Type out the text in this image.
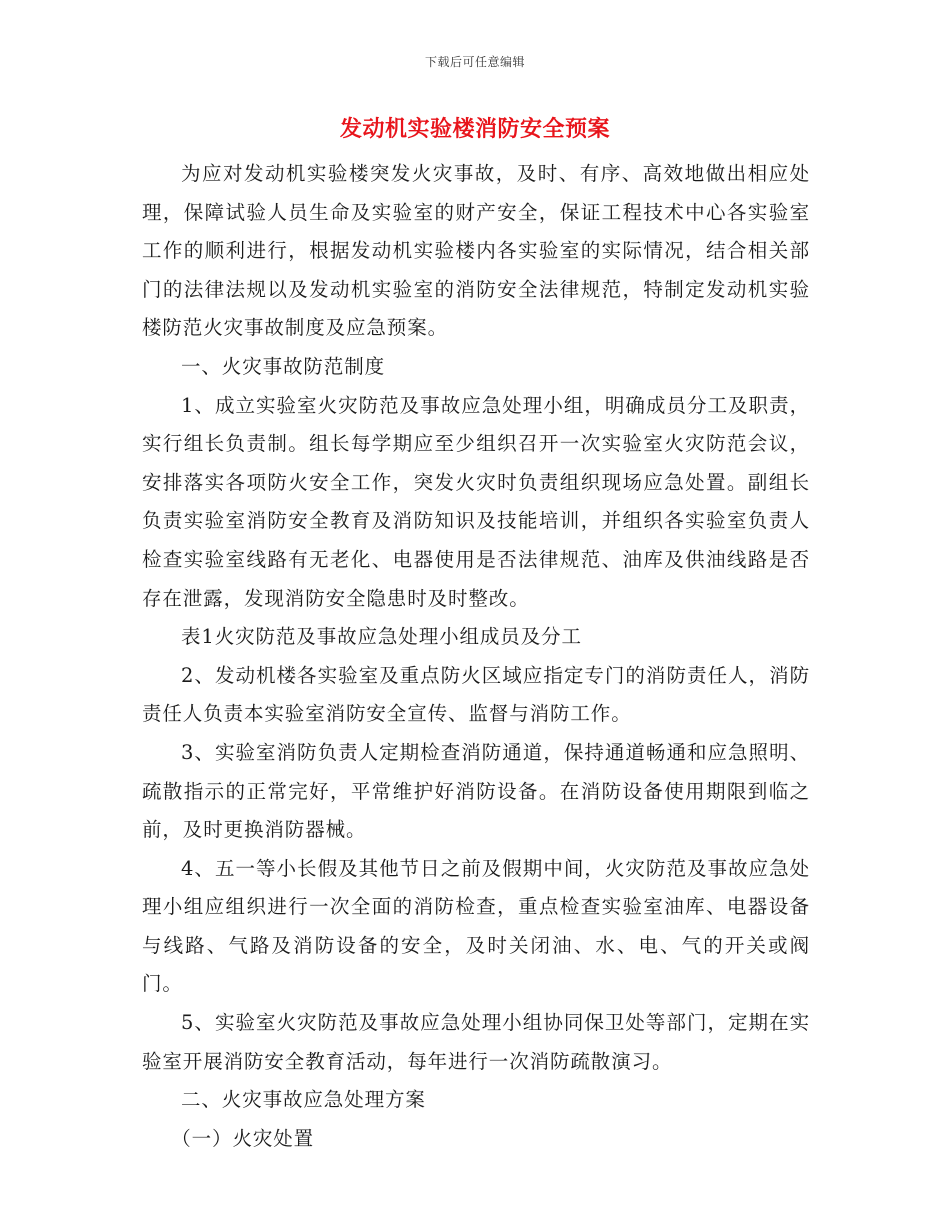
下载后可任意编辑
发动机实验楼消防安全预案

为应对发动机实验楼突发火灾事故，及时、有序、高效地做出相应处理，保障试验人员生命及实验室的财产安全，保证工程技术中心各实验室工作的顺利进行，根据发动机实验楼内各实验室的实际情况，结合相关部门的法律法规以及发动机实验室的消防安全法律规范，特制定发动机实验楼防范火灾事故制度及应急预案。

一、火灾事故防范制度

1、成立实验室火灾防范及事故应急处理小组，明确成员分工及职责，实行组长负责制。组长每学期应至少组织召开一次实验室火灾防范会议，安排落实各项防火安全工作，突发火灾时负责组织现场应急处置。副组长负责实验室消防安全教育及消防知识及技能培训，并组织各实验室负责人检查实验室线路有无老化、电器使用是否法律规范、油库及供油线路是否存在泄露，发现消防安全隐患时及时整改。

表1火灾防范及事故应急处理小组成员及分工

2、发动机楼各实验室及重点防火区域应指定专门的消防责任人，消防责任人负责本实验室消防安全宣传、监督与消防工作。

3、实验室消防负责人定期检查消防通道，保持通道畅通和应急照明、疏散指示的正常完好，平常维护好消防设备。在消防设备使用期限到临之前，及时更换消防器械。

4、五一等小长假及其他节日之前及假期中间，火灾防范及事故应急处理小组应组织进行一次全面的消防检查，重点检查实验室油库、电器设备与线路、气路及消防设备的安全，及时关闭油、水、电、气的开关或阀门。

5、实验室火灾防范及事故应急处理小组协同保卫处等部门，定期在实验室开展消防安全教育活动，每年进行一次消防疏散演习。

二、火灾事故应急处理方案

（一）火灾处置
